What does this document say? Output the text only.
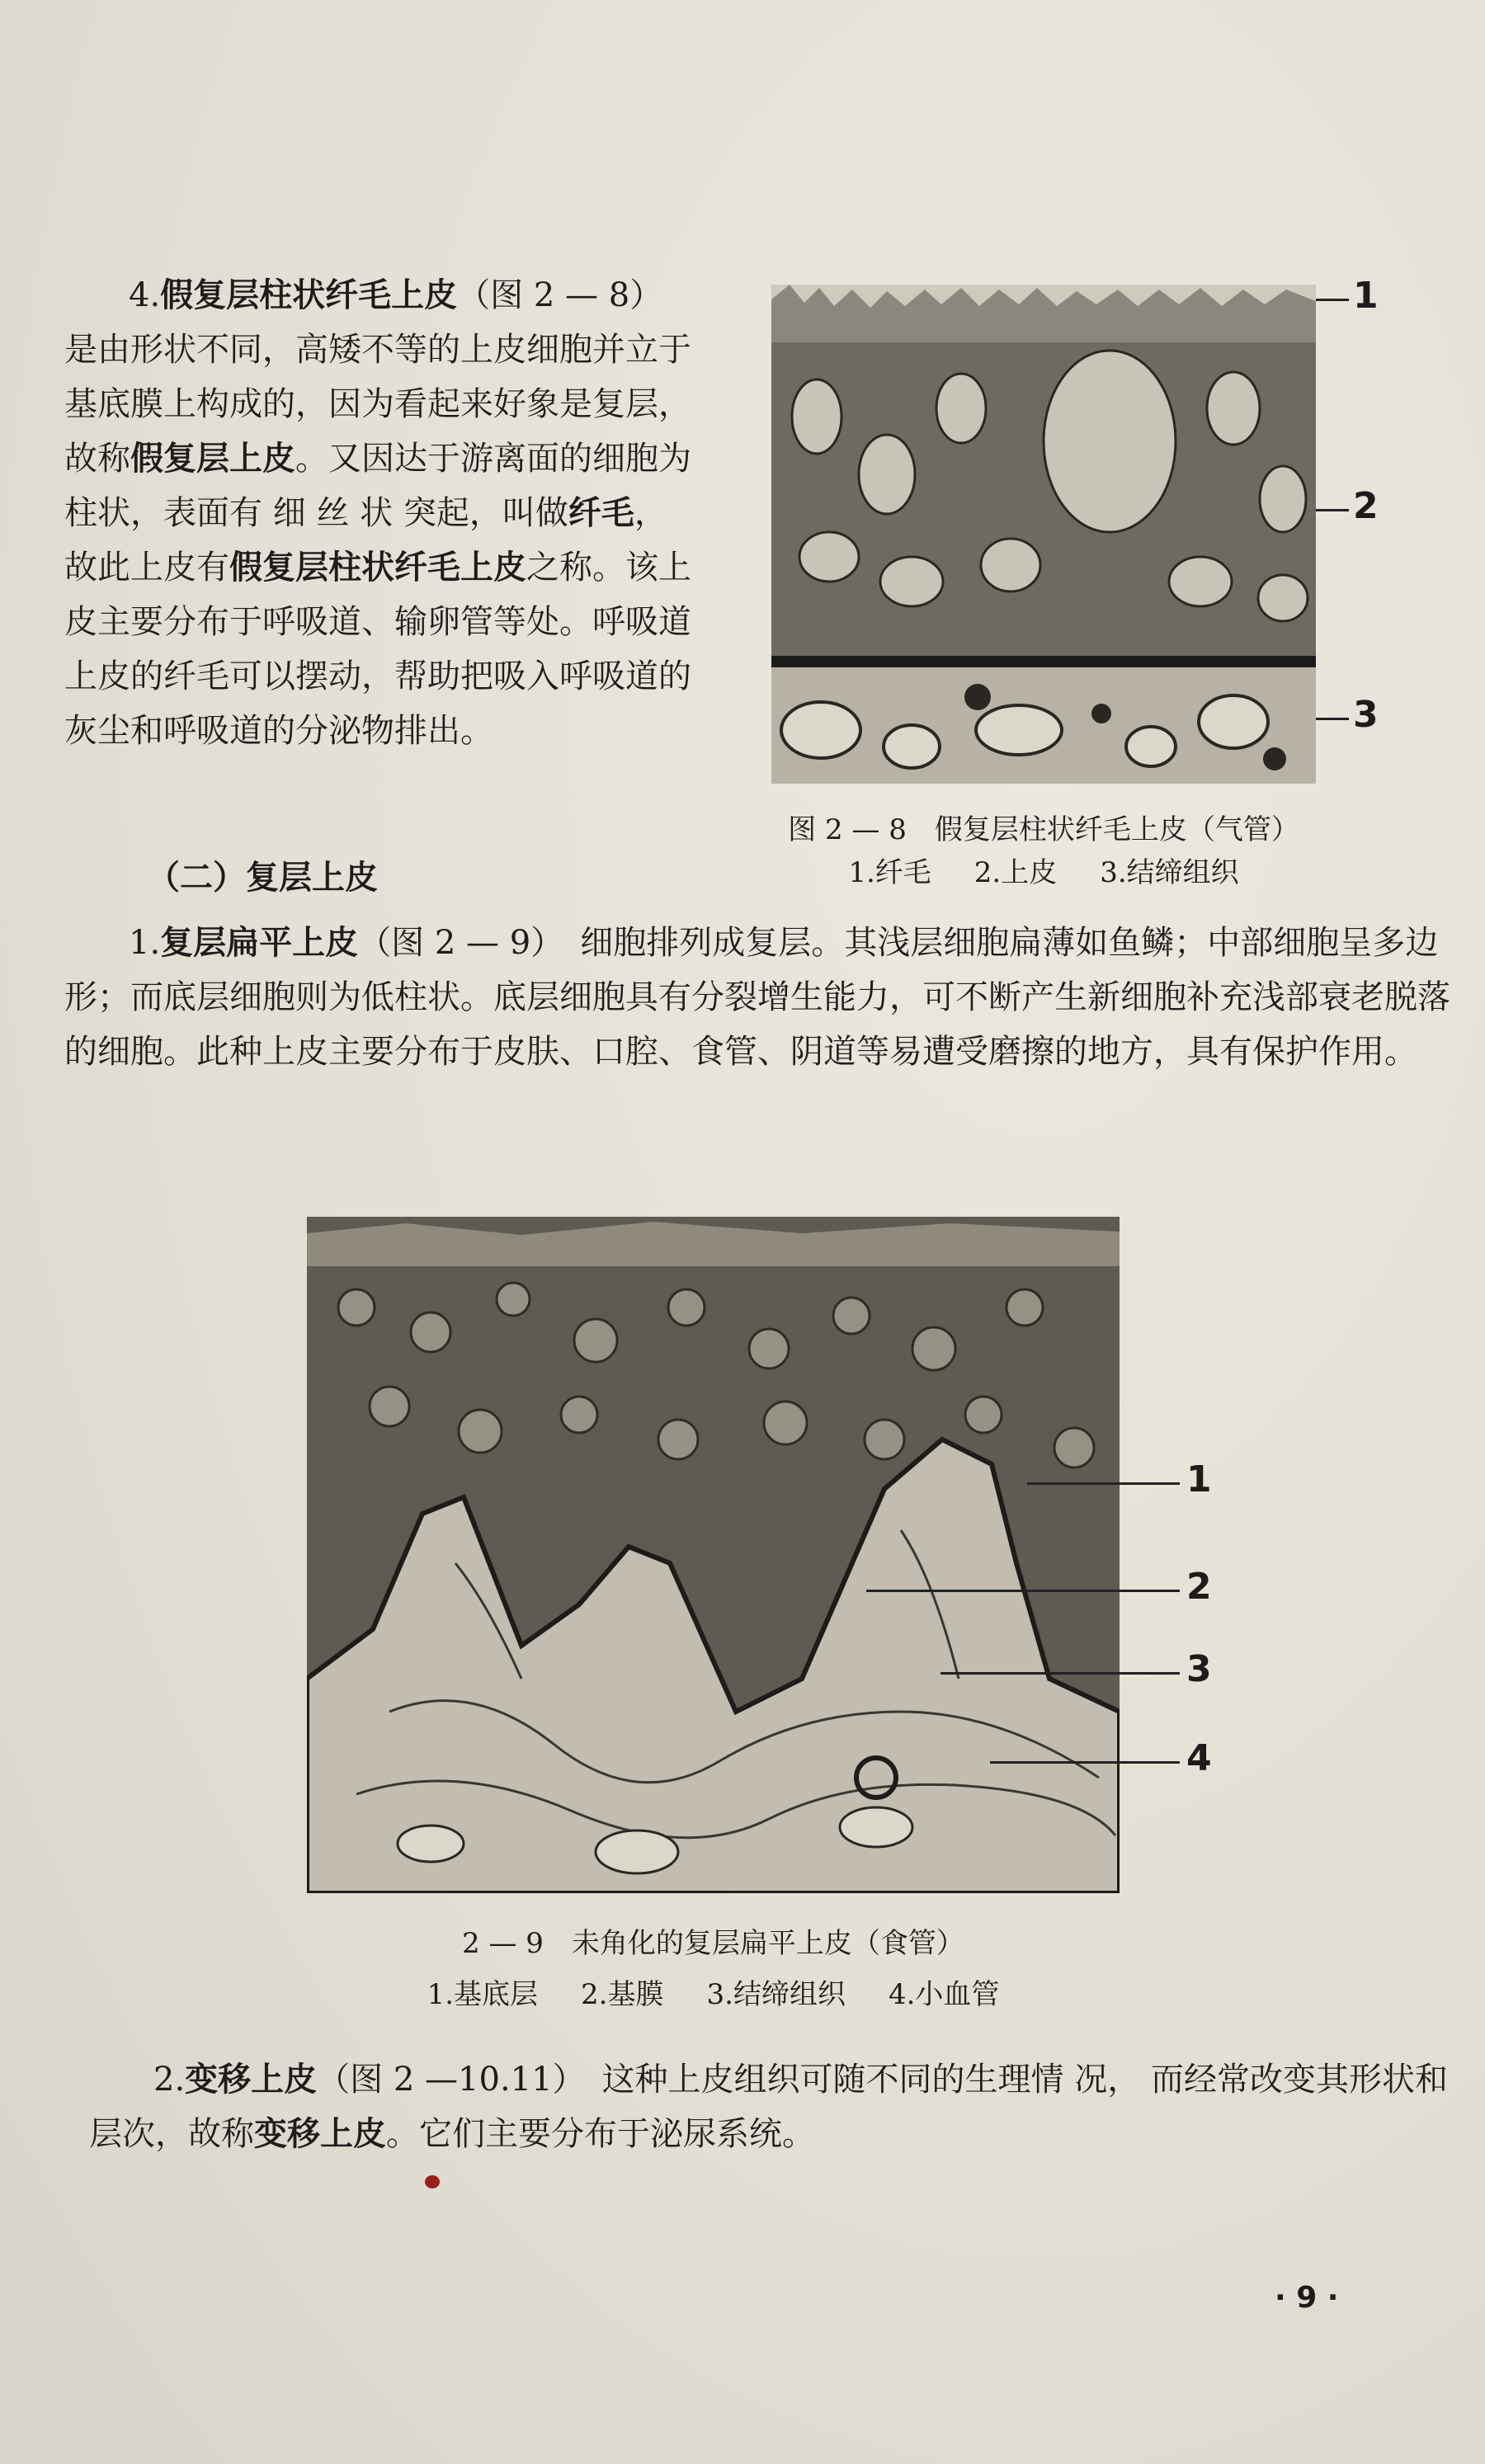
4.假复层柱状纤毛上皮（图 2 — 8）是由形状不同，高矮不等的上皮细胞并立于基底膜上构成的，因为看起来好象是复层，故称假复层上皮。又因达于游离面的细胞为柱状，表面有 细 丝 状 突起，叫做纤毛，故此上皮有假复层柱状纤毛上皮之称。该上皮主要分布于呼吸道、输卵管等处。呼吸道上皮的纤毛可以摆动，帮助把吸入呼吸道的灰尘和呼吸道的分泌物排出。

1
2
3
图 2 — 8　假复层柱状纤毛上皮（气管）
1.纤毛 2.上皮 3.结缔组织
（二）复层上皮

1.复层扁平上皮（图 2 — 9）　 细胞排列成复层。其浅层细胞扁薄如鱼鳞；中部细胞呈多边形；而底层细胞则为低柱状。底层细胞具有分裂增生能力，可不断产生新细胞补充浅部衰老脱落的细胞。此种上皮主要分布于皮肤、口腔、食管、阴道等易遭受磨擦的地方，具有保护作用。

1
2
3
4
2 — 9　未角化的复层扁平上皮（食管）
1.基底层 2.基膜 3.结缔组织 4.小血管

2.变移上皮（图 2 —10.11）　 这种上皮组织可随不同的生理情 况， 而经常改变其形状和层次，故称变移上皮。它们主要分布于泌尿系统。

· 9 ·
